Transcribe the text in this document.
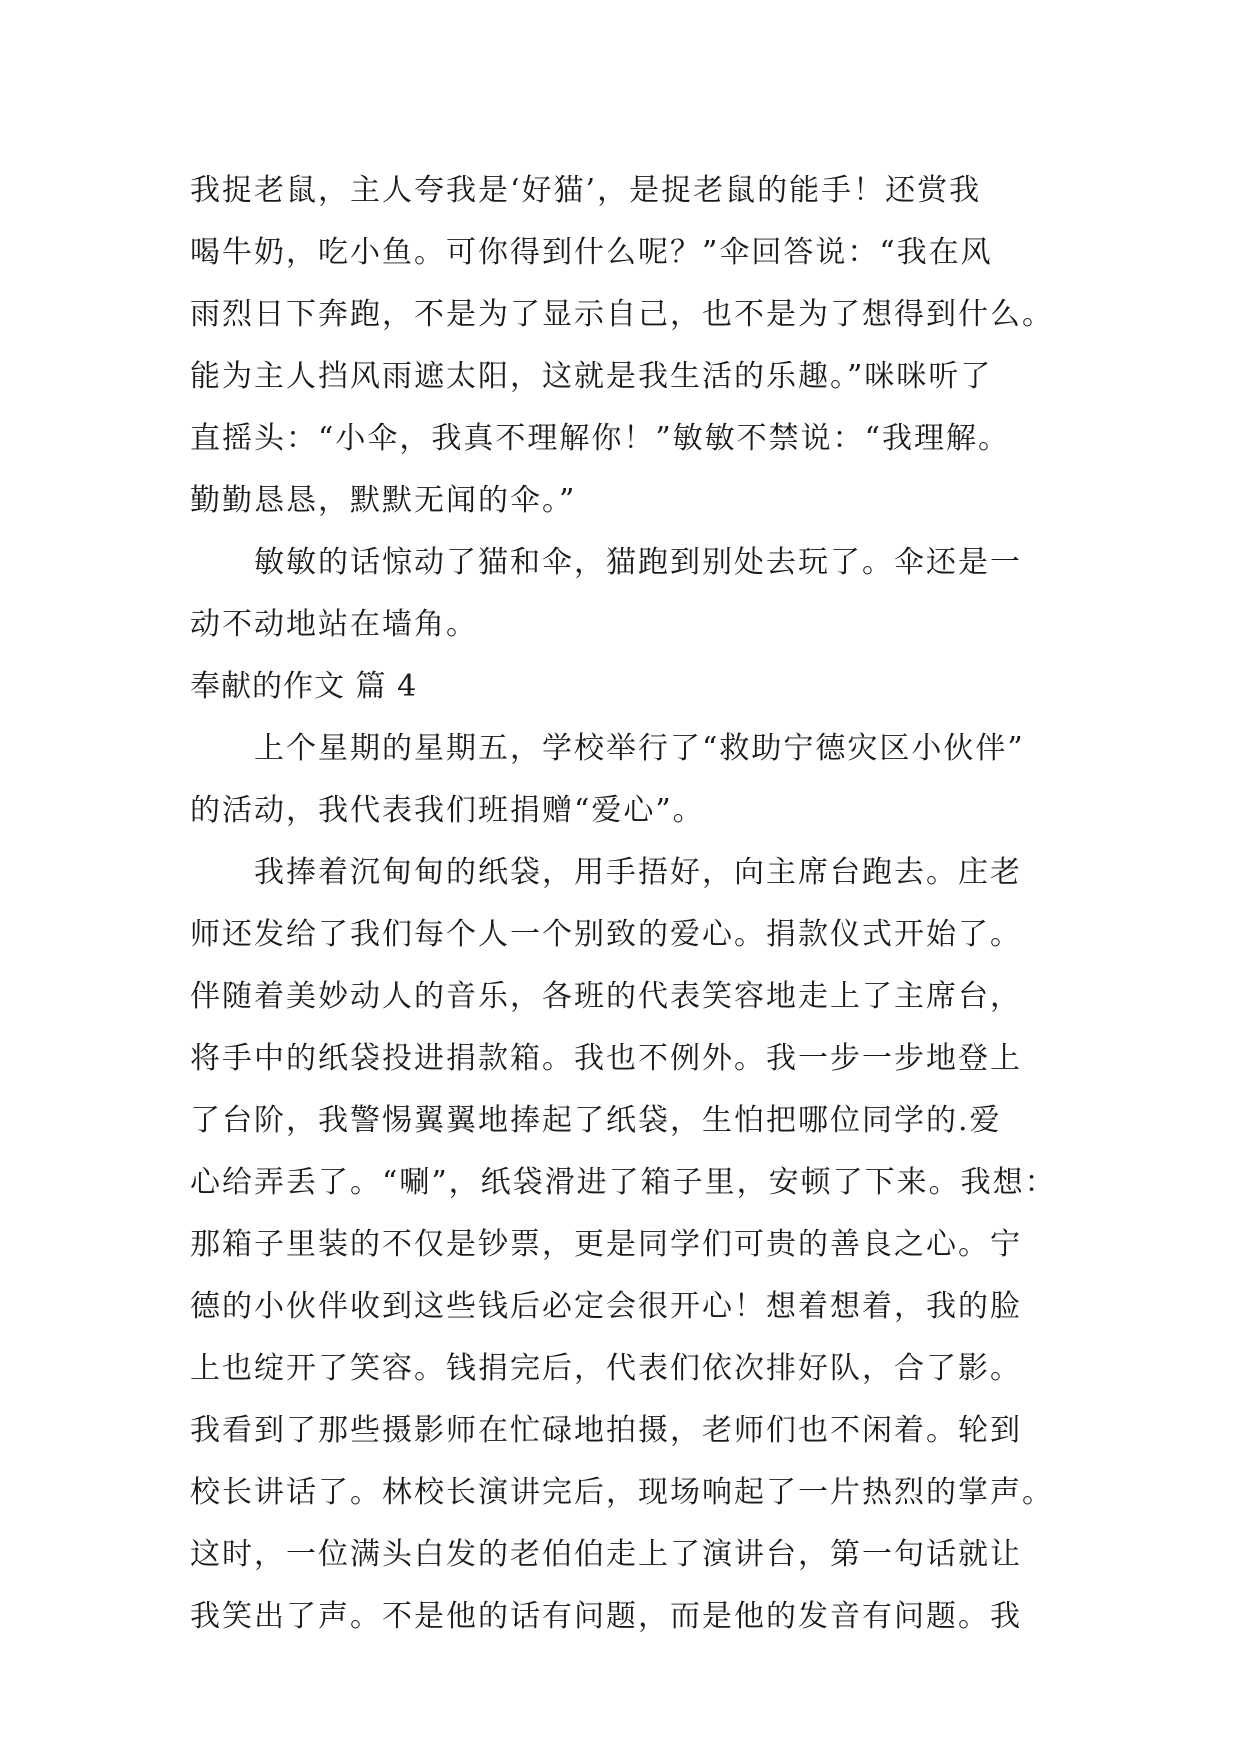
我捉老鼠，主人夸我是‘好猫’，是捉老鼠的能手！还赏我
喝牛奶，吃小鱼。可你得到什么呢？”伞回答说：“我在风
雨烈日下奔跑，不是为了显示自己，也不是为了想得到什么。
能为主人挡风雨遮太阳，这就是我生活的乐趣。”咪咪听了
直摇头：“小伞，我真不理解你！”敏敏不禁说：“我理解。
勤勤恳恳，默默无闻的伞。”
敏敏的话惊动了猫和伞，猫跑到别处去玩了。伞还是一
动不动地站在墙角。
奉献的作文 篇 4
上个星期的星期五，学校举行了“救助宁德灾区小伙伴”
的活动，我代表我们班捐赠“爱心”。
我捧着沉甸甸的纸袋，用手捂好，向主席台跑去。庄老
师还发给了我们每个人一个别致的爱心。捐款仪式开始了。
伴随着美妙动人的音乐，各班的代表笑容地走上了主席台，
将手中的纸袋投进捐款箱。我也不例外。我一步一步地登上
了台阶，我警惕翼翼地捧起了纸袋，生怕把哪位同学的.爱
心给弄丢了。“唰”，纸袋滑进了箱子里，安顿了下来。我想：
那箱子里装的不仅是钞票，更是同学们可贵的善良之心。宁
德的小伙伴收到这些钱后必定会很开心！想着想着，我的脸
上也绽开了笑容。钱捐完后，代表们依次排好队，合了影。
我看到了那些摄影师在忙碌地拍摄，老师们也不闲着。轮到
校长讲话了。林校长演讲完后，现场响起了一片热烈的掌声。
这时，一位满头白发的老伯伯走上了演讲台，第一句话就让
我笑出了声。不是他的话有问题，而是他的发音有问题。我
